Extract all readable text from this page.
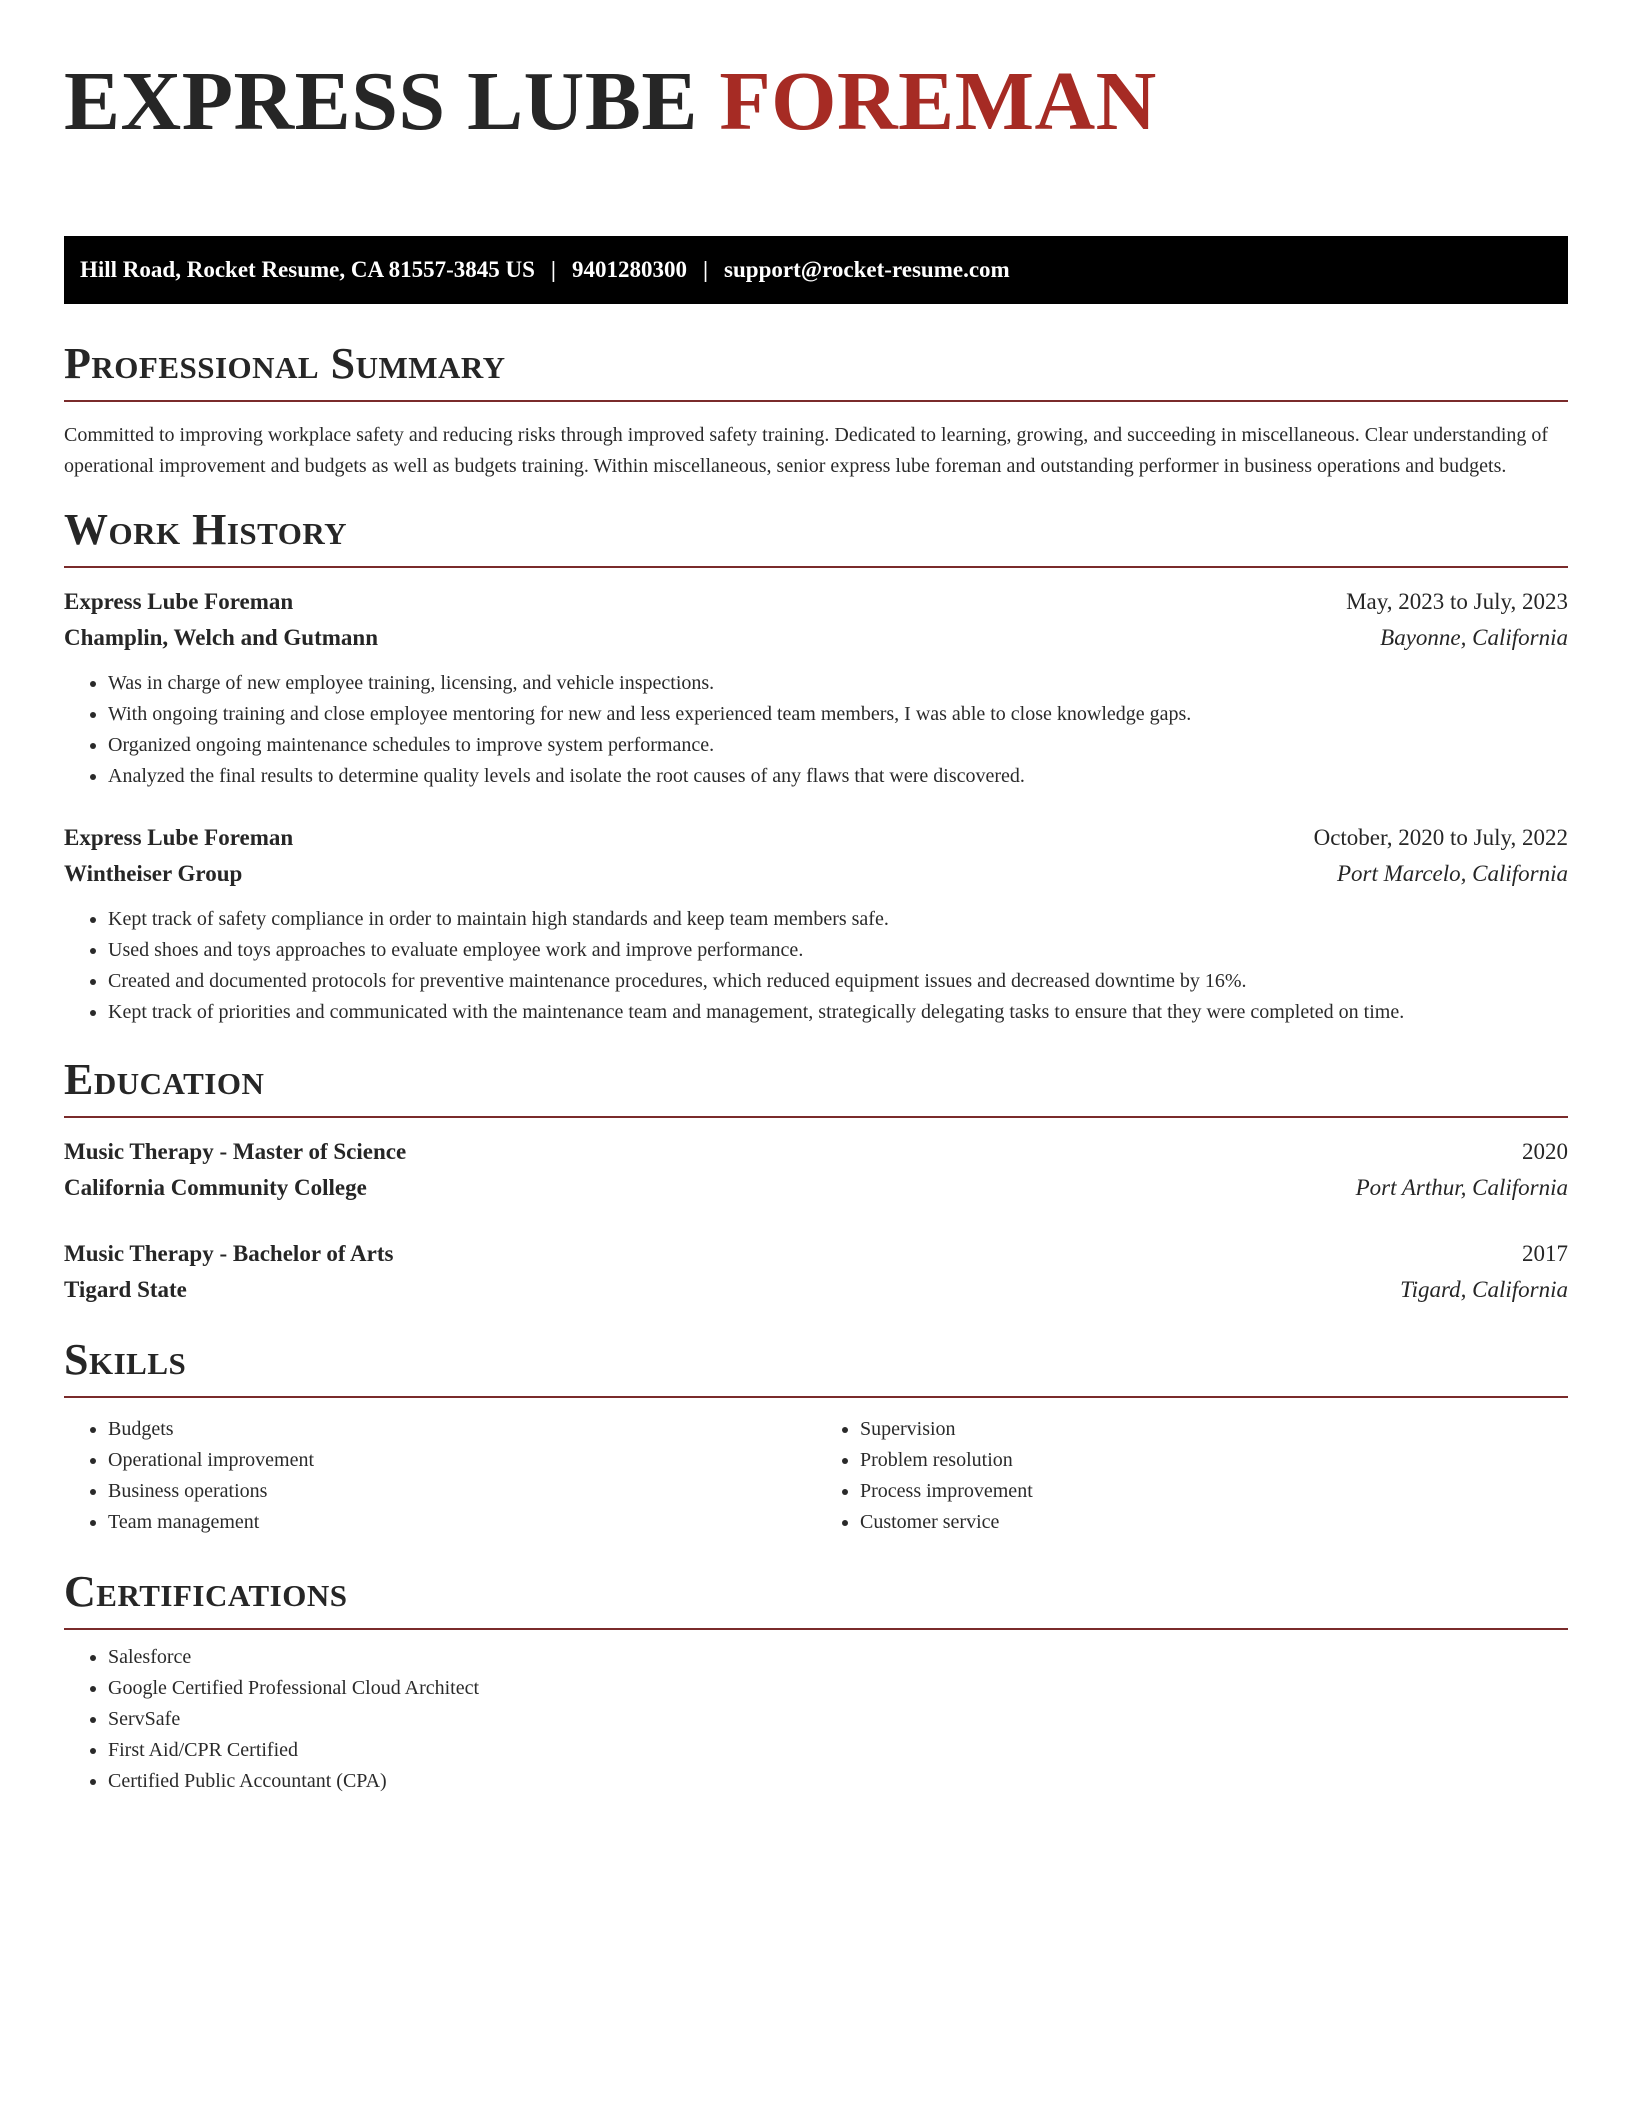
EXPRESS LUBE FOREMAN
Hill Road, Rocket Resume, CA 81557-3845 US | 9401280300 | support@rocket-resume.com
Professional Summary

Committed to improving workplace safety and reducing risks through improved safety training. Dedicated to learning, growing, and succeeding in miscellaneous. Clear understanding of operational improvement and budgets as well as budgets training. Within miscellaneous, senior express lube foreman and outstanding performer in business operations and budgets.

Work History
Express Lube Foreman	May, 2023 to July, 2023
Champlin, Welch and Gutmann	Bayonne, California
• Was in charge of new employee training, licensing, and vehicle inspections.
• With ongoing training and close employee mentoring for new and less experienced team members, I was able to close knowledge gaps.
• Organized ongoing maintenance schedules to improve system performance.
• Analyzed the final results to determine quality levels and isolate the root causes of any flaws that were discovered.
Express Lube Foreman	October, 2020 to July, 2022
Wintheiser Group	Port Marcelo, California
• Kept track of safety compliance in order to maintain high standards and keep team members safe.
• Used shoes and toys approaches to evaluate employee work and improve performance.
• Created and documented protocols for preventive maintenance procedures, which reduced equipment issues and decreased downtime by 16%.
• Kept track of priorities and communicated with the maintenance team and management, strategically delegating tasks to ensure that they were completed on time.
Education
Music Therapy - Master of Science	2020
California Community College	Port Arthur, California
Music Therapy - Bachelor of Arts	2017
Tigard State	Tigard, California
Skills
• Budgets
• Operational improvement
• Business operations
• Team management
• Supervision
• Problem resolution
• Process improvement
• Customer service
Certifications
• Salesforce
• Google Certified Professional Cloud Architect
• ServSafe
• First Aid/CPR Certified
• Certified Public Accountant (CPA)
